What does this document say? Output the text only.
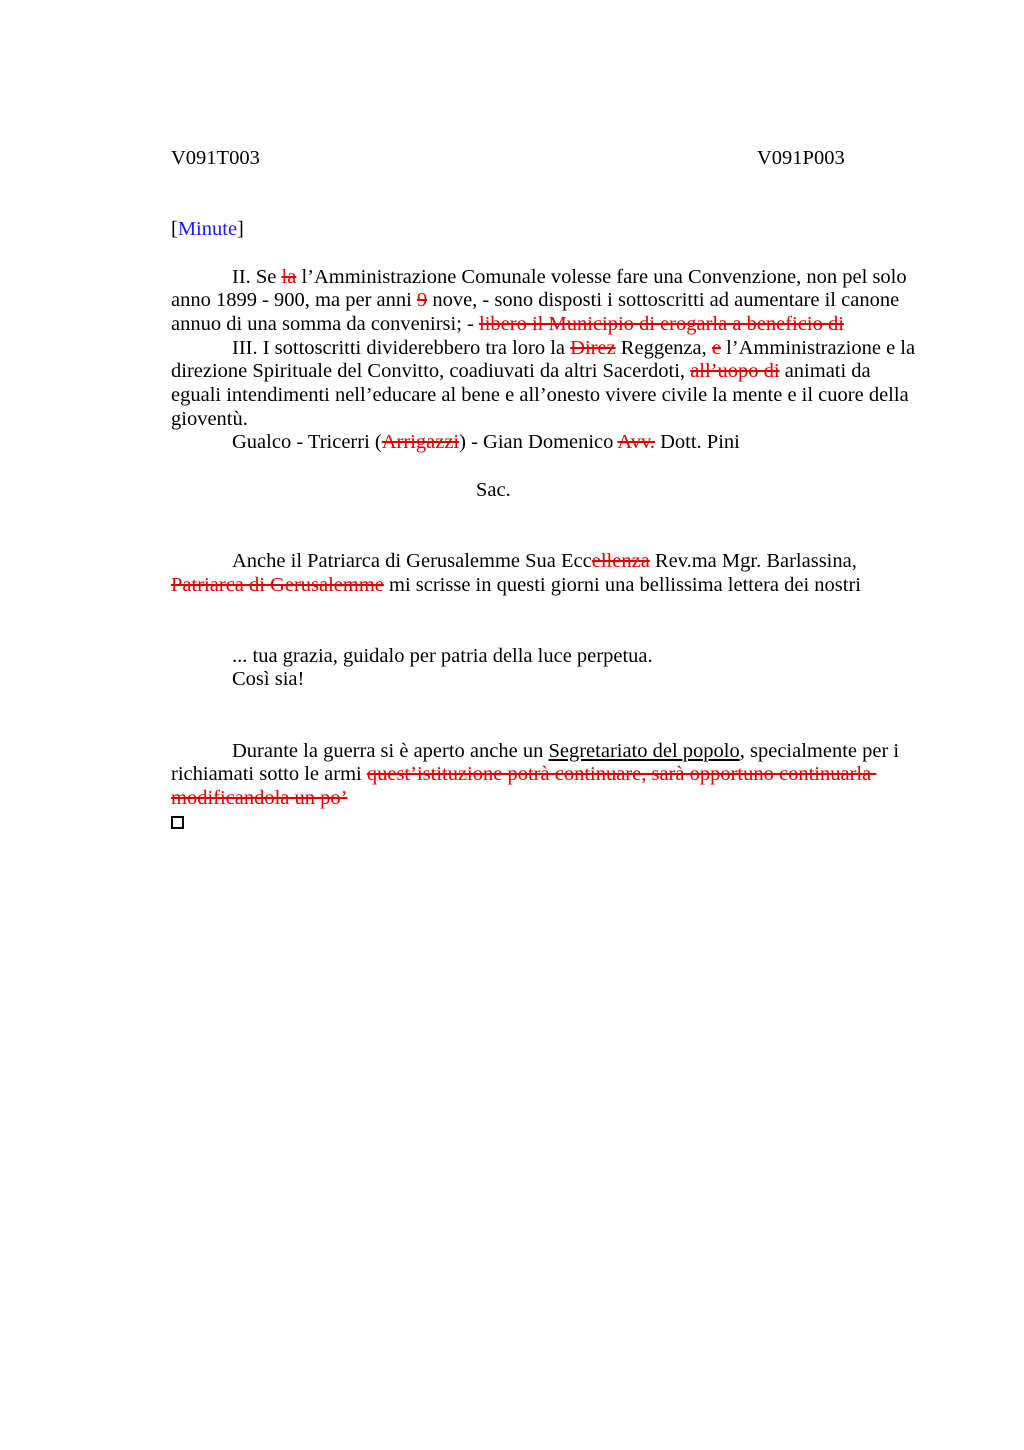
V091T003	V091P003
[Minute]
II. Se la l’Amministrazione Comunale volesse fare una Convenzione, non pel solo
anno 1899 - 900, ma per anni 9 nove, - sono disposti i sottoscritti ad aumentare il canone
annuo di una somma da convenirsi; - libero il Municipio di erogarla a beneficio di
III. I sottoscritti dividerebbero tra loro la Direz Reggenza, e l’Amministrazione e la
direzione Spirituale del Convitto, coadiuvati da altri Sacerdoti, all’uopo di animati da
eguali intendimenti nell’educare al bene e all’onesto vivere civile la mente e il cuore della
gioventù.
Gualco - Tricerri (Arrigazzi) - Gian Domenico Avv. Dott. Pini
Sac.
Anche il Patriarca di Gerusalemme Sua Eccellenza Rev.ma Mgr. Barlassina,
Patriarca di Gerusalemme mi scrisse in questi giorni una bellissima lettera dei nostri
... tua grazia, guidalo per patria della luce perpetua.
Così sia!
Durante la guerra si è aperto anche un Segretariato del popolo, specialmente per i
richiamati sotto le armi quest’istituzione potrà continuare, sarà opportuno continuarla
modificandola un po’
